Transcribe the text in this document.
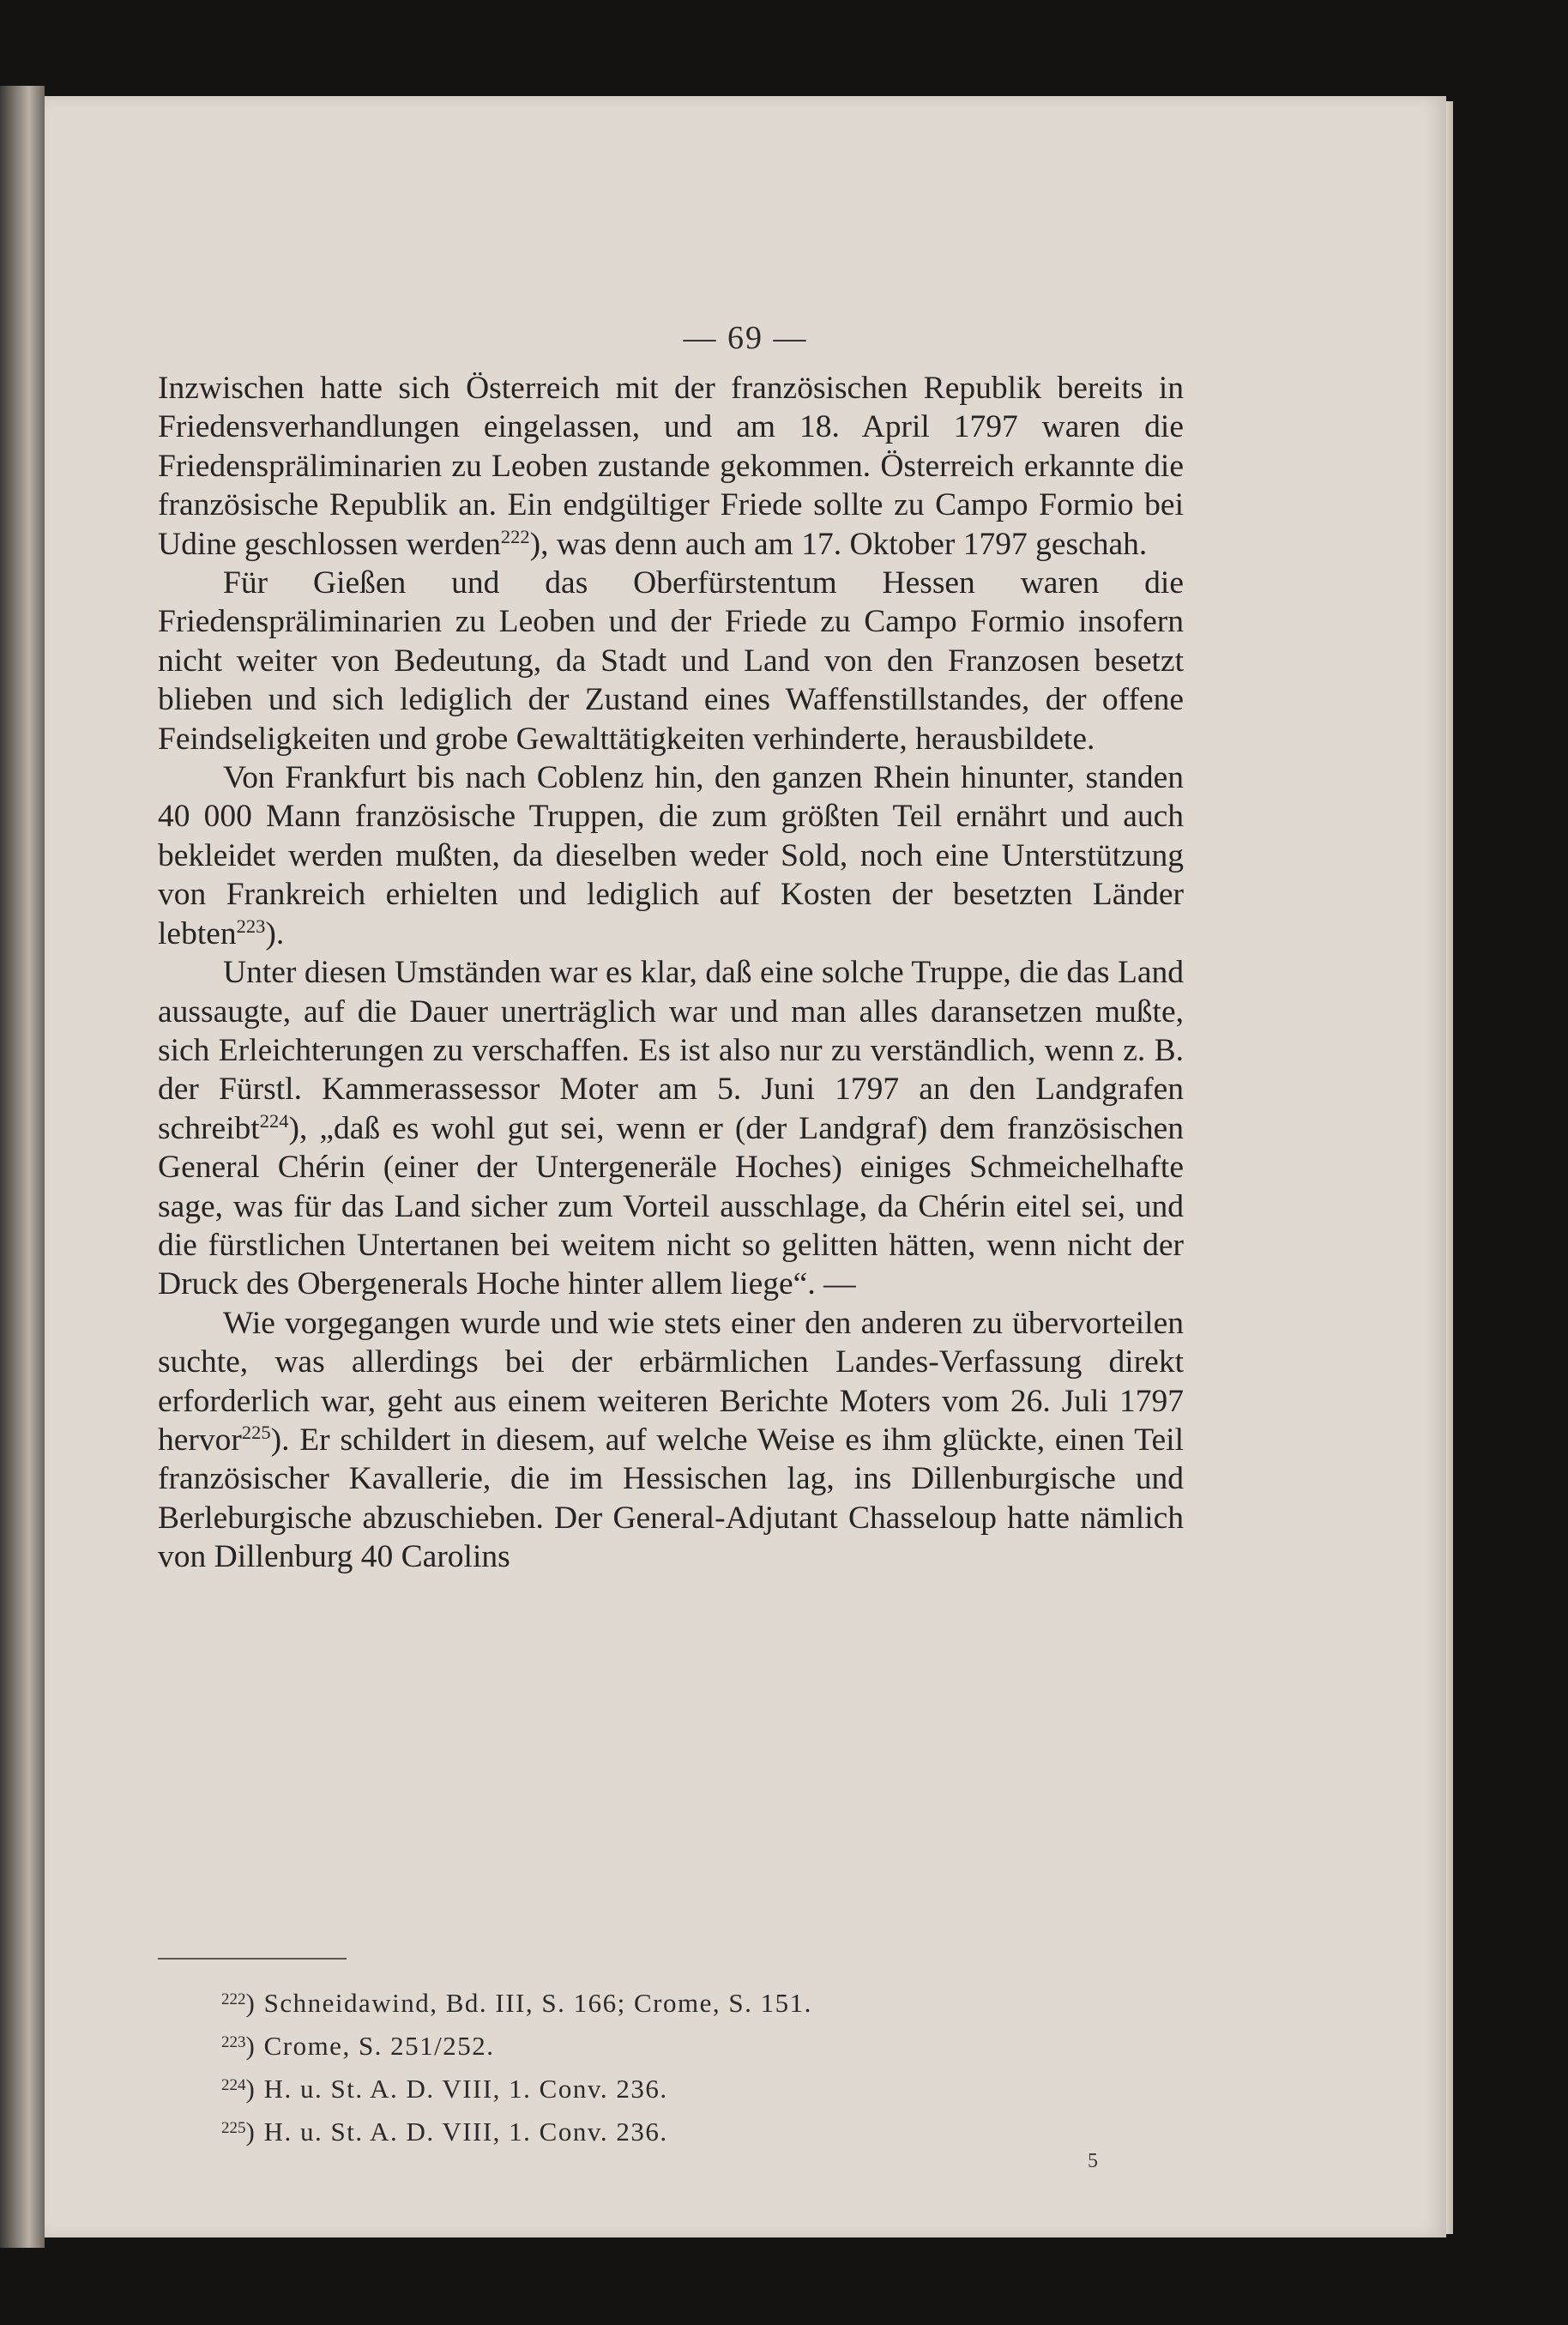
— 69 —

Inzwischen hatte sich Österreich mit der französischen Republik bereits in Friedensverhandlungen eingelassen, und am 18. April 1797 waren die Friedenspräliminarien zu Leoben zustande gekommen. Österreich erkannte die französische Republik an. Ein endgültiger Friede sollte zu Campo Formio bei Udine geschlossen werden$^{222}$), was denn auch am 17. Oktober 1797 geschah.

Für Gießen und das Oberfürstentum Hessen waren die Friedenspräliminarien zu Leoben und der Friede zu Campo Formio insofern nicht weiter von Bedeutung, da Stadt und Land von den Franzosen besetzt blieben und sich lediglich der Zustand eines Waffenstillstandes, der offene Feindseligkeiten und grobe Gewalttätigkeiten verhinderte, herausbildete.

Von Frankfurt bis nach Coblenz hin, den ganzen Rhein hinunter, standen 40 000 Mann französische Truppen, die zum größten Teil ernährt und auch bekleidet werden mußten, da dieselben weder Sold, noch eine Unterstützung von Frankreich erhielten und lediglich auf Kosten der besetzten Länder lebten$^{223}$).

Unter diesen Umständen war es klar, daß eine solche Truppe, die das Land aussaugte, auf die Dauer unerträglich war und man alles daransetzen mußte, sich Erleichterungen zu verschaffen. Es ist also nur zu verständlich, wenn z. B. der Fürstl. Kammerassessor Moter am 5. Juni 1797 an den Landgrafen schreibt$^{224}$), „daß es wohl gut sei, wenn er (der Landgraf) dem französischen General Chérin (einer der Untergeneräle Hoches) einiges Schmeichelhafte sage, was für das Land sicher zum Vorteil ausschlage, da Chérin eitel sei, und die fürstlichen Untertanen bei weitem nicht so gelitten hätten, wenn nicht der Druck des Obergenerals Hoche hinter allem liege“. —

Wie vorgegangen wurde und wie stets einer den anderen zu übervorteilen suchte, was allerdings bei der erbärmlichen Landes-Verfassung direkt erforderlich war, geht aus einem weiteren Berichte Moters vom 26. Juli 1797 hervor$^{225}$). Er schildert in diesem, auf welche Weise es ihm glückte, einen Teil französischer Kavallerie, die im Hessischen lag, ins Dillenburgische und Berleburgische abzuschieben. Der General-Adjutant Chasseloup hatte nämlich von Dillenburg 40 Carolins

$^{222}$) Schneidawind, Bd. III, S. 166; Crome, S. 151.
$^{223}$) Crome, S. 251/252.
$^{224}$) H. u. St. A. D. VIII, 1. Conv. 236.
$^{225}$) H. u. St. A. D. VIII, 1. Conv. 236.
5
